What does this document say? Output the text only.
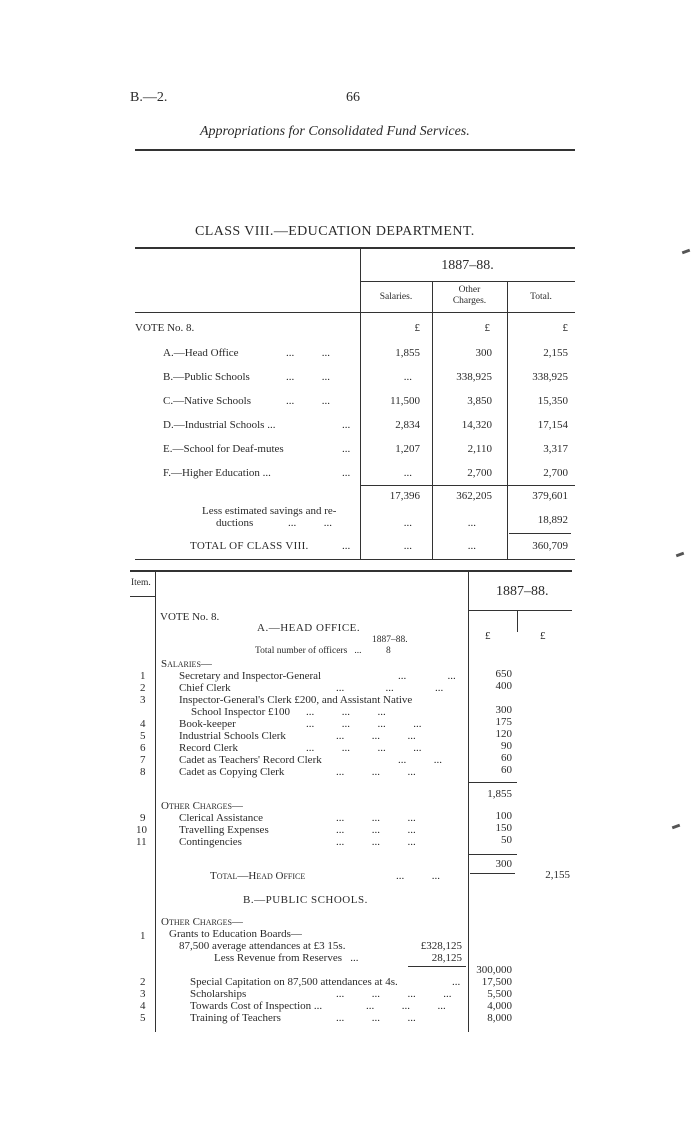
B.—2.	66
Appropriations for Consolidated Fund Services.
CLASS VIII.—EDUCATION DEPARTMENT.
1887–88.
Salaries.
Other
Charges.	Total.
VOTE No. 8.	£	£	£
A.—Head Office	...          ...	1,855	300	2,155
B.—Public Schools	...          ...	...	338,925	338,925
C.—Native Schools	...          ...	11,500	3,850	15,350
D.—Industrial Schools ...	...	2,834	14,320	17,154
E.—School for Deaf-mutes	...	1,207	2,110	3,317
F.—Higher Education ...	...	...	2,700	2,700
17,396	362,205	379,601
Less estimated savings and re-
ductions	...          ...	...	...	18,892
TOTAL OF CLASS VIII.	...	...	...	360,709
Item.
1887–88.
VOTE No. 8.
£	£
A.—HEAD OFFICE.
1887–88.
Total number of officers   ...	8
Salaries—
1	Secretary and Inspector-General	...               ...	650
2	Chief Clerk	...               ...               ...	400
3	Inspector-General's Clerk £200, and Assistant Native
School Inspector £100 ...          ...          ...	300
4	Book-keeper	...          ...          ...          ...	175
5	Industrial Schools Clerk	...          ...          ...	120
6	Record Clerk	...          ...          ...          ...	90
7	Cadet as Teachers' Record Clerk	...          ...	60
8	Cadet as Copying Clerk	...          ...          ...	60
1,855
Other Charges—
9	Clerical Assistance	...          ...          ...	100
10	Travelling Expenses	...          ...          ...	150
11	Contingencies	...          ...          ...	50
300
Total—Head Office	...          ...	2,155
B.—PUBLIC SCHOOLS.
Other Charges—
1 Grants to Education Boards—
87,500 average attendances at £3 15s.	£328,125
Less Revenue from Reserves   ...	28,125
300,000
2	Special Capitation on 87,500 attendances at 4s.	...	17,500
3	Scholarships	...          ...          ...          ...	5,500
4	Towards Cost of Inspection ...	...          ...          ...	4,000
5	Training of Teachers	...          ...          ...	8,000
